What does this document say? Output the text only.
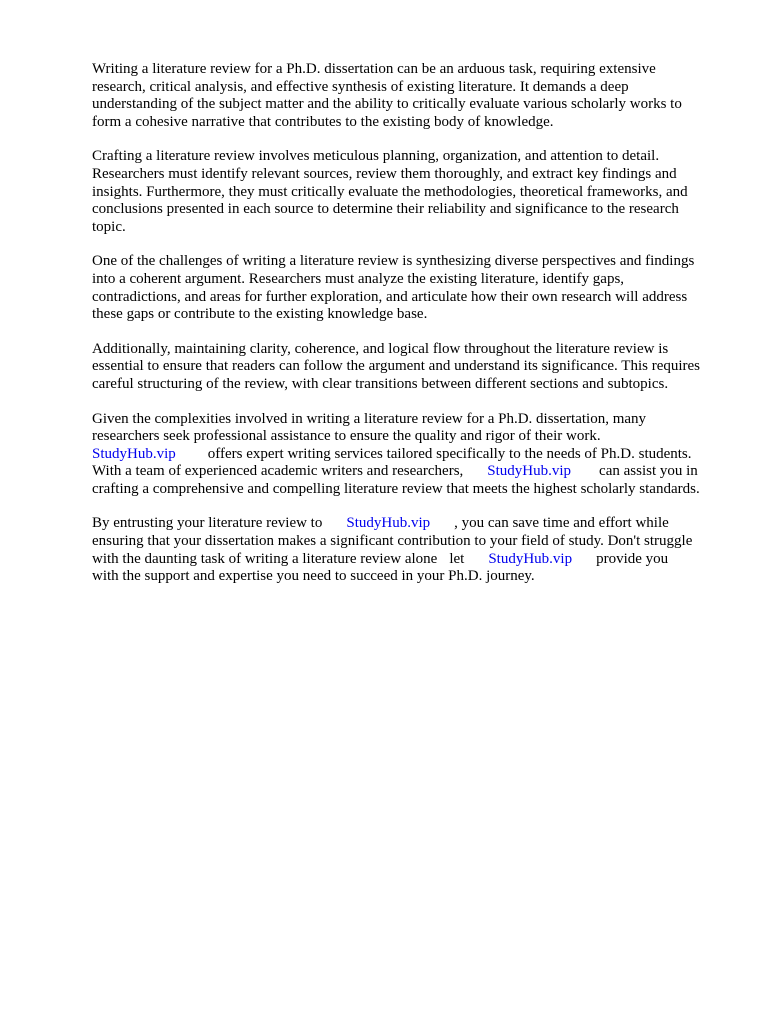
Writing a literature review for a Ph.D. dissertation can be an arduous task, requiring extensive
research, critical analysis, and effective synthesis of existing literature. It demands a deep
understanding of the subject matter and the ability to critically evaluate various scholarly works to
form a cohesive narrative that contributes to the existing body of knowledge.

Crafting a literature review involves meticulous planning, organization, and attention to detail.
Researchers must identify relevant sources, review them thoroughly, and extract key findings and
insights. Furthermore, they must critically evaluate the methodologies, theoretical frameworks, and
conclusions presented in each source to determine their reliability and significance to the research
topic.

One of the challenges of writing a literature review is synthesizing diverse perspectives and findings
into a coherent argument. Researchers must analyze the existing literature, identify gaps,
contradictions, and areas for further exploration, and articulate how their own research will address
these gaps or contribute to the existing knowledge base.

Additionally, maintaining clarity, coherence, and logical flow throughout the literature review is
essential to ensure that readers can follow the argument and understand its significance. This requires
careful structuring of the review, with clear transitions between different sections and subtopics.

Given the complexities involved in writing a literature review for a Ph.D. dissertation, many
researchers seek professional assistance to ensure the quality and rigor of their work.
StudyHub.vip offers expert writing services tailored specifically to the needs of Ph.D. students.
With a team of experienced academic writers and researchers, StudyHub.vip can assist you in
crafting a comprehensive and compelling literature review that meets the highest scholarly standards.

By entrusting your literature review to StudyHub.vip , you can save time and effort while
ensuring that your dissertation makes a significant contribution to your field of study. Don't struggle
with the daunting task of writing a literature review alone let StudyHub.vip provide you
with the support and expertise you need to succeed in your Ph.D. journey.
